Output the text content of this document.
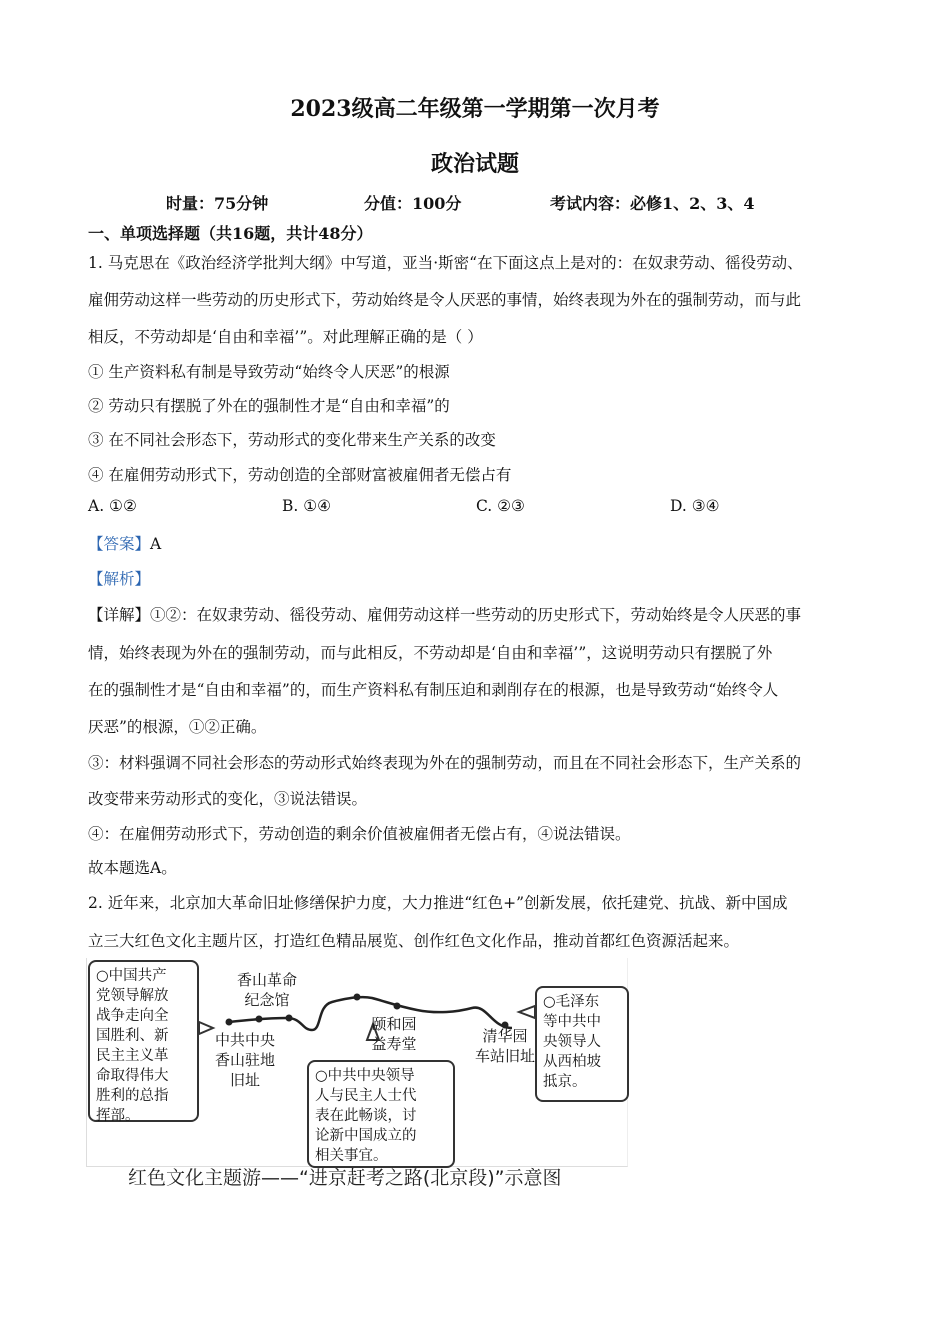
2023级高二年级第一学期第一次月考
政治试题
时量：75分钟	分值：100分	考试内容：必修1、2、3、4
一、单项选择题（共16题，共计48分）
1. 马克思在《政治经济学批判大纲》中写道，亚当·斯密“在下面这点上是对的：在奴隶劳动、徭役劳动、
雇佣劳动这样一些劳动的历史形式下，劳动始终是令人厌恶的事情，始终表现为外在的强制劳动，而与此
相反，不劳动却是‘自由和幸福’”。对此理解正确的是（ ）
① 生产资料私有制是导致劳动“始终令人厌恶”的根源
② 劳动只有摆脱了外在的强制性才是“自由和幸福”的
③ 在不同社会形态下，劳动形式的变化带来生产关系的改变
④ 在雇佣劳动形式下，劳动创造的全部财富被雇佣者无偿占有
A. ①②	B. ①④	C. ②③	D. ③④
【答案】A
【解析】
【详解】①②：在奴隶劳动、徭役劳动、雇佣劳动这样一些劳动的历史形式下，劳动始终是令人厌恶的事
情，始终表现为外在的强制劳动，而与此相反，不劳动却是‘自由和幸福’”，这说明劳动只有摆脱了外
在的强制性才是“自由和幸福”的，而生产资料私有制压迫和剥削存在的根源，也是导致劳动“始终令人
厌恶”的根源，①②正确。
③：材料强调不同社会形态的劳动形式始终表现为外在的强制劳动，而且在不同社会形态下，生产关系的
改变带来劳动形式的变化，③说法错误。
④：在雇佣劳动形式下，劳动创造的剩余价值被雇佣者无偿占有，④说法错误。
故本题选A。
2. 近年来，北京加大革命旧址修缮保护力度，大力推进“红色+”创新发展，依托建党、抗战、新中国成
立三大红色文化主题片区，打造红色精品展览、创作红色文化作品，推动首都红色资源活起来。
○中国共产
党领导解放
战争走向全
国胜利、新
民主主义革
命取得伟大
胜利的总指
挥部。
香山革命
纪念馆
中共中央
香山驻地
旧址
颐和园
益寿堂	清华园
车站旧址
○中共中央领导
人与民主人士代
表在此畅谈，讨
论新中国成立的
相关事宜。
○毛泽东
等中共中
央领导人
从西柏坡
抵京。
红色文化主题游——“进京赶考之路(北京段)”示意图
